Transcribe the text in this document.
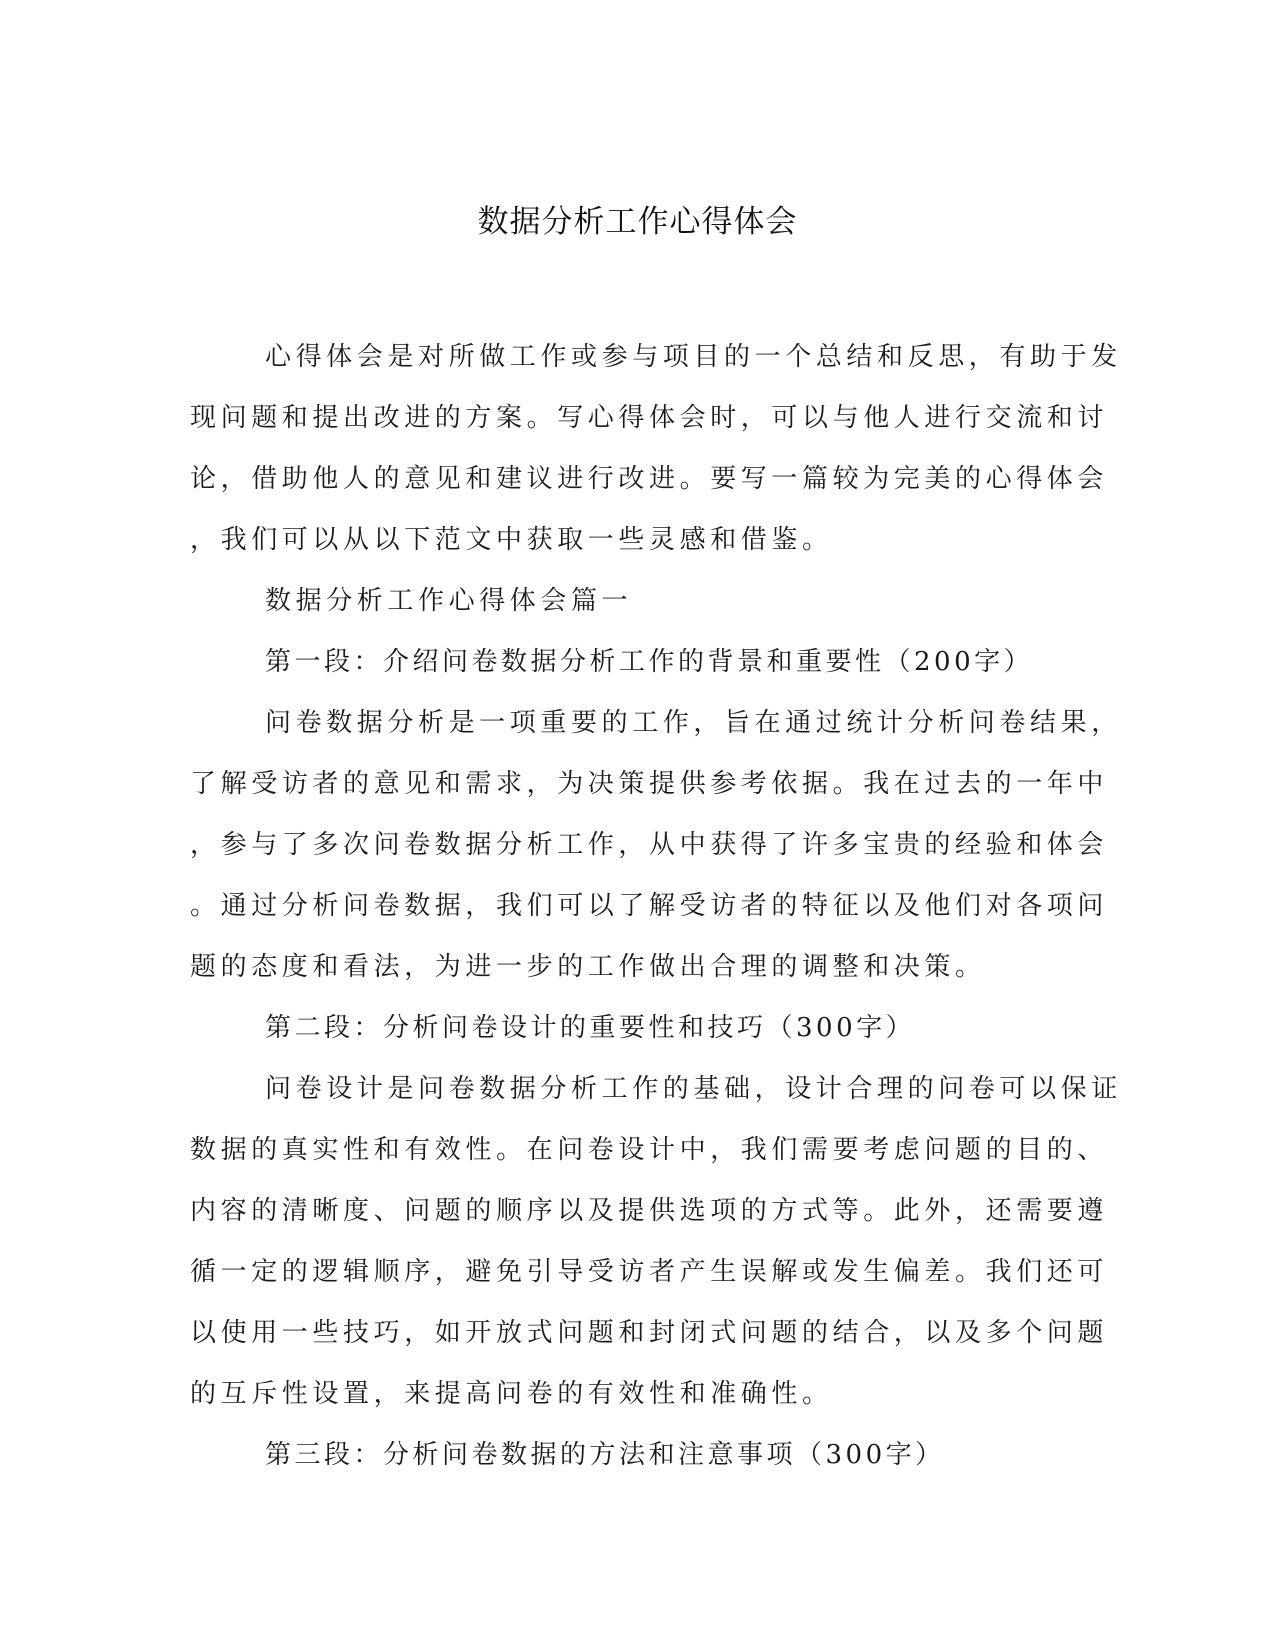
数据分析工作心得体会
心得体会是对所做工作或参与项目的一个总结和反思，有助于发
现问题和提出改进的方案。写心得体会时，可以与他人进行交流和讨
论，借助他人的意见和建议进行改进。要写一篇较为完美的心得体会
，我们可以从以下范文中获取一些灵感和借鉴。
数据分析工作心得体会篇一
第一段：介绍问卷数据分析工作的背景和重要性（200字）
问卷数据分析是一项重要的工作，旨在通过统计分析问卷结果，
了解受访者的意见和需求，为决策提供参考依据。我在过去的一年中
，参与了多次问卷数据分析工作，从中获得了许多宝贵的经验和体会
。通过分析问卷数据，我们可以了解受访者的特征以及他们对各项问
题的态度和看法，为进一步的工作做出合理的调整和决策。
第二段：分析问卷设计的重要性和技巧（300字）
问卷设计是问卷数据分析工作的基础，设计合理的问卷可以保证
数据的真实性和有效性。在问卷设计中，我们需要考虑问题的目的、
内容的清晰度、问题的顺序以及提供选项的方式等。此外，还需要遵
循一定的逻辑顺序，避免引导受访者产生误解或发生偏差。我们还可
以使用一些技巧，如开放式问题和封闭式问题的结合，以及多个问题
的互斥性设置，来提高问卷的有效性和准确性。
第三段：分析问卷数据的方法和注意事项（300字）
